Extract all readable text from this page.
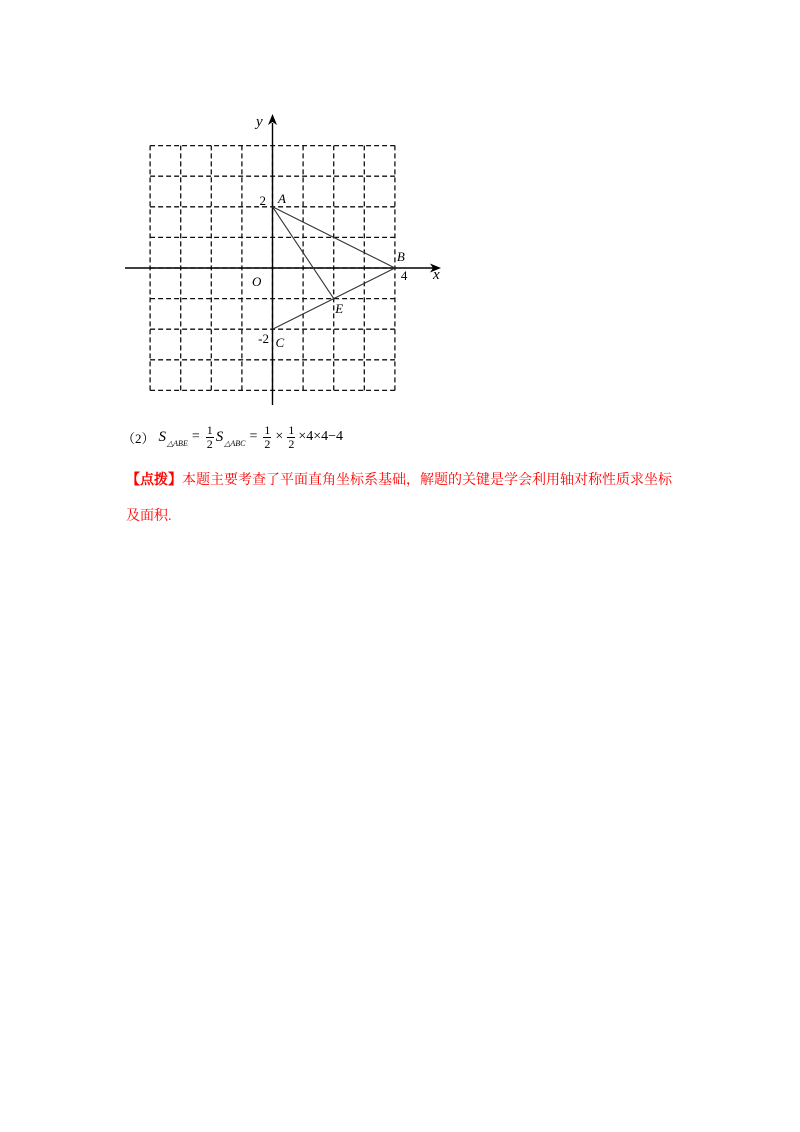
A
2
B
4
C
-2
E
O
y
x
（2） S △ABE = $\frac{1}{2}$ S △ABC = $\frac{1}{2} \times \frac{1}{2} \times 4\times 4-4$
【点拨】本题主要考查了平面直角坐标系基础，解题的关键是学会利用轴对称性质求坐标
及面积.
